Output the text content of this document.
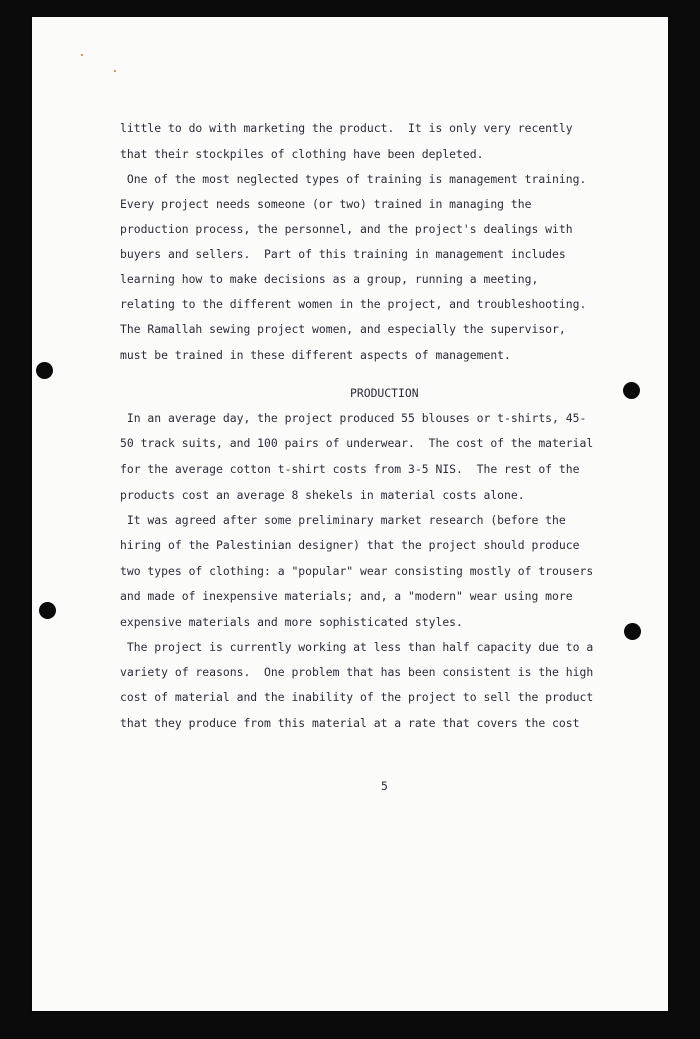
little to do with marketing the product.  It is only very recently

that their stockpiles of clothing have been depleted.

One of the most neglected types of training is management training.

Every project needs someone (or two) trained in managing the

production process, the personnel, and the project's dealings with

buyers and sellers.  Part of this training in management includes

learning how to make decisions as a group, running a meeting,

relating to the different women in the project, and troubleshooting.

The Ramallah sewing project women, and especially the supervisor,

must be trained in these different aspects of management.

PRODUCTION

In an average day, the project produced 55 blouses or t-shirts, 45-

50 track suits, and 100 pairs of underwear.  The cost of the material

for the average cotton t-shirt costs from 3-5 NIS.  The rest of the

products cost an average 8 shekels in material costs alone.

It was agreed after some preliminary market research (before the

hiring of the Palestinian designer) that the project should produce

two types of clothing: a "popular" wear consisting mostly of trousers

and made of inexpensive materials; and, a "modern" wear using more

expensive materials and more sophisticated styles.

The project is currently working at less than half capacity due to a

variety of reasons.  One problem that has been consistent is the high

cost of material and the inability of the project to sell the product

that they produce from this material at a rate that covers the cost

5
